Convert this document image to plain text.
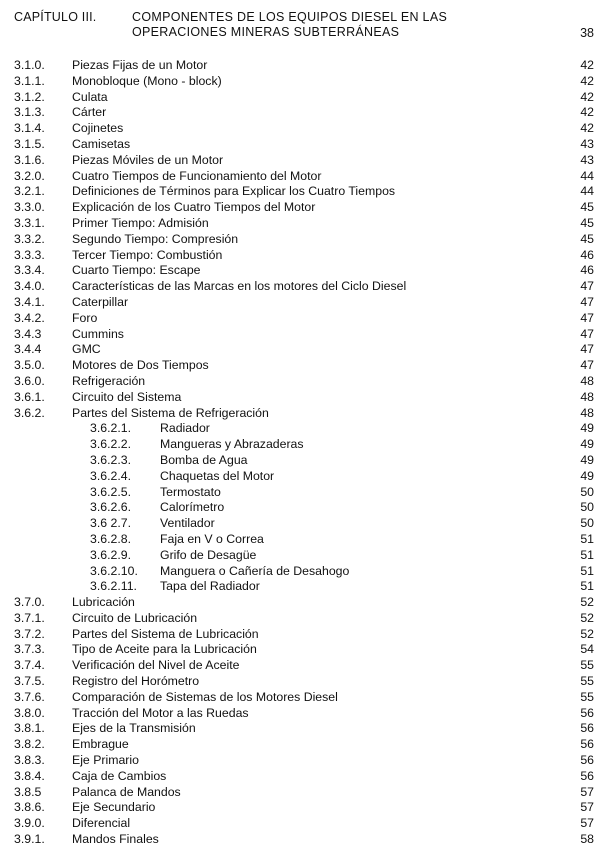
CAPÍTULO III.	COMPONENTES DE LOS EQUIPOS DIESEL EN LAS
OPERACIONES MINERAS SUBTERRÁNEAS	38
3.1.0. Piezas Fijas de un Motor	42
3.1.1. Monobloque (Mono - block)	42
3.1.2. Culata	42
3.1.3. Cárter	42
3.1.4. Cojinetes	42
3.1.5. Camisetas	43
3.1.6. Piezas Móviles de un Motor	43
3.2.0. Cuatro Tiempos de Funcionamiento del Motor	44
3.2.1. Definiciones de Términos para Explicar los Cuatro Tiempos	44
3.3.0. Explicación de los Cuatro Tiempos del Motor	45
3.3.1. Primer Tiempo: Admisión	45
3.3.2. Segundo Tiempo: Compresión	45
3.3.3. Tercer Tiempo: Combustión	46
3.3.4. Cuarto Tiempo: Escape	46
3.4.0. Características de las Marcas en los motores del Ciclo Diesel	47
3.4.1. Caterpillar	47
3.4.2. Foro	47
3.4.3 Cummins	47
3.4.4 GMC	47
3.5.0. Motores de Dos Tiempos	47
3.6.0. Refrigeración	48
3.6.1. Circuito del Sistema	48
3.6.2. Partes del Sistema de Refrigeración	48
3.6.2.1. Radiador	49
3.6.2.2. Mangueras y Abrazaderas	49
3.6.2.3. Bomba de Agua	49
3.6.2.4. Chaquetas del Motor	49
3.6.2.5. Termostato	50
3.6.2.6. Calorímetro	50
3.6 2.7. Ventilador	50
3.6.2.8. Faja en V o Correa	51
3.6.2.9. Grifo de Desagüe	51
3.6.2.10. Manguera o Cañería de Desahogo	51
3.6.2.11. Tapa del Radiador	51
3.7.0. Lubricación	52
3.7.1. Circuito de Lubricación	52
3.7.2. Partes del Sistema de Lubricación	52
3.7.3. Tipo de Aceite para la Lubricación	54
3.7.4. Verificación del Nivel de Aceite	55
3.7.5. Registro del Horómetro	55
3.7.6. Comparación de Sistemas de los Motores Diesel	55
3.8.0. Tracción del Motor a las Ruedas	56
3.8.1. Ejes de la Transmisión	56
3.8.2. Embrague	56
3.8.3. Eje Primario	56
3.8.4. Caja de Cambios	56
3.8.5 Palanca de Mandos	57
3.8.6. Eje Secundario	57
3.9.0. Diferencial	57
3.9.1. Mandos Finales	58
